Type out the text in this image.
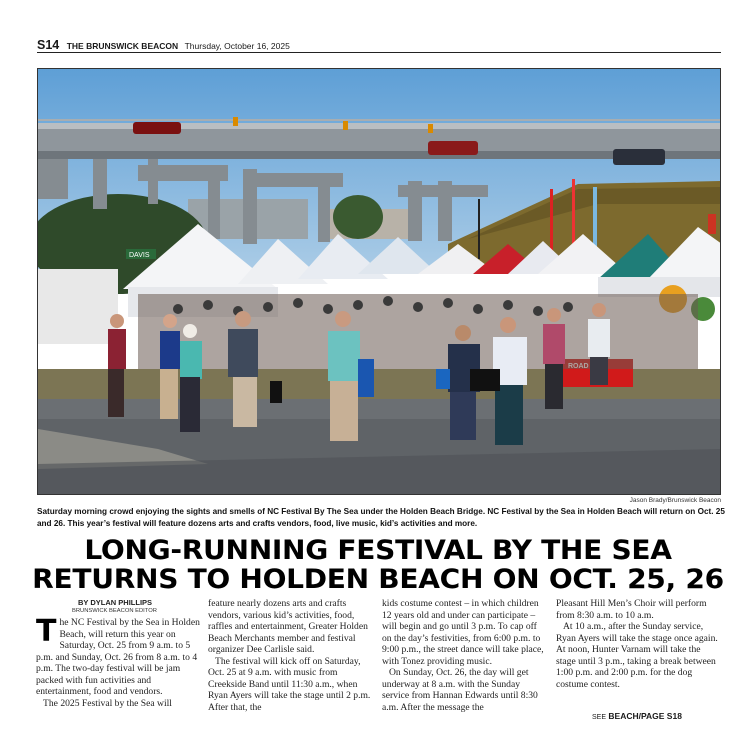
S14 THE BRUNSWICK BEACON Thursday, October 16, 2025
DAVIS
Jason Brady/Brunswick Beacon
Saturday morning crowd enjoying the sights and smells of NC Festival By The Sea under the Holden Beach Bridge. NC Festival by the Sea in Holden Beach will return on Oct. 25 and 26. This year’s festival will feature dozens arts and crafts vendors, food, live music, kid’s activities and more.
LONG-RUNNING FESTIVAL BY THE SEA
RETURNS TO HOLDEN BEACH ON OCT. 25, 26
BY DYLAN PHILLIPS
BRUNSWICK BEACON EDITOR

The NC Festival by the Sea in Holden Beach, will return this year on Saturday, Oct. 25 from 9 a.m. to 5 p.m. and Sunday, Oct. 26 from 8 a.m. to 4 p.m. The two-day festival will be jam packed with fun activities and entertainment, food and vendors.

The 2025 Festival by the Sea will

feature nearly dozens arts and crafts vendors, various kid’s activities, food, raffles and entertainment, Greater Holden Beach Merchants member and festival organizer Dee Carlisle said.

The festival will kick off on Saturday, Oct. 25 at 9 a.m. with music from Creekside Band until 11:30 a.m., when Ryan Ayers will take the stage until 2 p.m. After that, the

kids costume contest – in which children 12 years old and under can participate – will begin and go until 3 p.m. To cap off on the day’s festivities, from 6:00 p.m. to 9:00 p.m., the street dance will take place, with Tonez providing music.

On Sunday, Oct. 26, the day will get underway at 8 a.m. with the Sunday service from Hannan Edwards until 8:30 a.m. After the message the

Pleasant Hill Men’s Choir will perform from 8:30 a.m. to 10 a.m.

At 10 a.m., after the Sunday service, Ryan Ayers will take the stage once again. At noon, Hunter Varnam will take the stage until 3 p.m., taking a break between 1:00 p.m. and 2:00 p.m. for the dog costume contest.

SEE BEACH/PAGE S18
